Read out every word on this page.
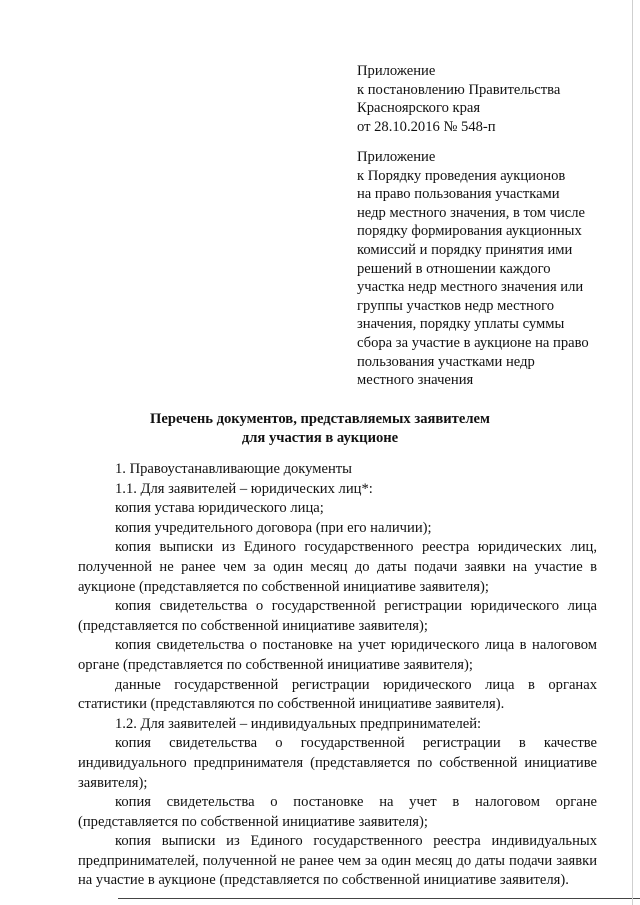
Приложение
к постановлению Правительства
Красноярского края
от 28.10.2016 № 548-п
Приложение
к Порядку проведения аукционов
на право пользования участками
недр местного значения, в том числе
порядку формирования аукционных
комиссий и порядку принятия ими
решений в отношении каждого
участка недр местного значения или
группы участков недр местного
значения, порядку уплаты суммы
сбора за участие в аукционе на право
пользования участками недр
местного значения
Перечень документов, представляемых заявителем
для участия в аукционе
1. Правоустанавливающие документы
1.1. Для заявителей – юридических лиц*:
копия устава юридического лица;
копия учредительного договора (при его наличии);
копия выписки из Единого государственного реестра юридических лиц, полученной не ранее чем за один месяц до даты подачи заявки на участие в аукционе (представляется по собственной инициативе заявителя);
копия свидетельства о государственной регистрации юридического лица (представляется по собственной инициативе заявителя);
копия свидетельства о постановке на учет юридического лица в налоговом органе (представляется по собственной инициативе заявителя);
данные государственной регистрации юридического лица в органах статистики (представляются по собственной инициативе заявителя).
1.2. Для заявителей – индивидуальных предпринимателей:
копия свидетельства о государственной регистрации в качестве индивидуального предпринимателя (представляется по собственной инициативе заявителя);
копия свидетельства о постановке на учет в налоговом органе (представляется по собственной инициативе заявителя);
копия выписки из Единого государственного реестра индивидуальных предпринимателей, полученной не ранее чем за один месяц до даты подачи заявки на участие в аукционе (представляется по собственной инициативе заявителя).
